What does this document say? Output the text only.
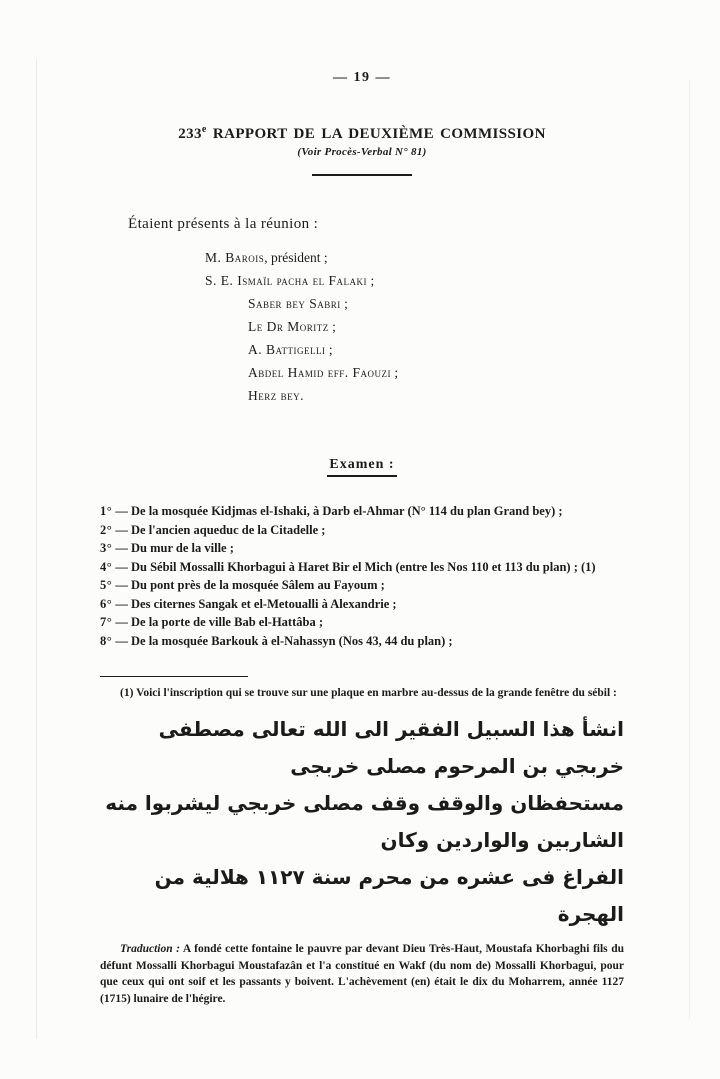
— 19 —
233e RAPPORT DE LA DEUXIÈME COMMISSION
(Voir Procès-Verbal N° 81)
Étaient présents à la réunion :
M. Barois, président ;
S. E. Ismaïl pacha el Falaki ;
Saber bey Sabri ;
Le Dr Moritz ;
A. Battigelli ;
Abdel Hamid eff. Faouzi ;
Herz bey.
Examen :
1° — De la mosquée Kidjmas el-Ishaki, à Darb el-Ahmar (N° 114 du plan Grand bey) ;
2° — De l'ancien aqueduc de la Citadelle ;
3° — Du mur de la ville ;
4° — Du Sébil Mossalli Khorbagui à Haret Bir el Mich (entre les Nos 110 et 113 du plan) ; (1)
5° — Du pont près de la mosquée Sâlem au Fayoum ;
6° — Des citernes Sangak et el-Metoualli à Alexandrie ;
7° — De la porte de ville Bab el-Hattâba ;
8° — De la mosquée Barkouk à el-Nahassyn (Nos 43, 44 du plan) ;

(1) Voici l'inscription qui se trouve sur une plaque en marbre au-dessus de la grande fenêtre du sébil :

انشأ هذا السبيل الفقير الى الله تعالى مصطفى خربجي بن المرحوم مصلى خربجى
مستحفظان والوقف وقف مصلى خربجي ليشربوا منه الشاربين والواردين وكان
الفراغ فى عشره من محرم سنة ١١٢٧ هلالية من الهجرة

Traduction : A fondé cette fontaine le pauvre par devant Dieu Très-Haut, Moustafa Khorbaghi fils du défunt Mossalli Khorbagui Moustafazân et l'a constitué en Wakf (du nom de) Mossalli Khorbagui, pour que ceux qui ont soif et les passants y boivent. L'achèvement (en) était le dix du Moharrem, année 1127 (1715) lunaire de l'hégire.
